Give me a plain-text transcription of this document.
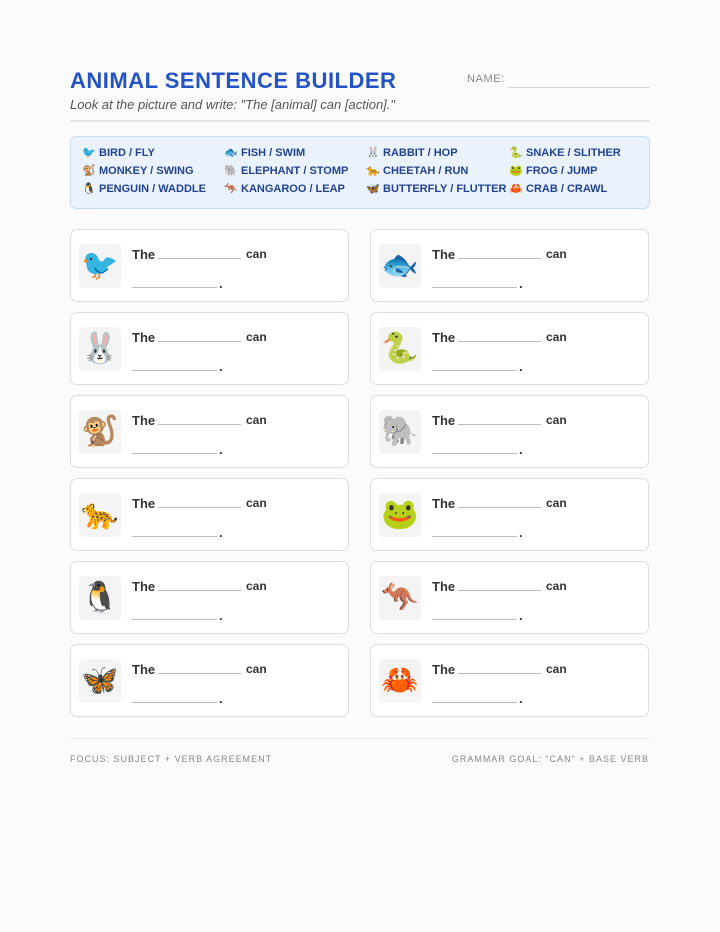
ANIMAL SENTENCE BUILDER
Look at the picture and write: "The [animal] can [action]."
NAME:
🐦 BIRD / FLY	🐟 FISH / SWIM	🐰 RABBIT / HOP	🐍 SNAKE / SLITHER
🐒 MONKEY / SWING	🐘 ELEPHANT / STOMP 🐆 CHEETAH / RUN	🐸 FROG / JUMP
🐧 PENGUIN / WADDLE 🦘 KANGAROO / LEAP 🦋 BUTTERFLY / FLUTTER 🦀 CRAB / CRAWL
🐦 The	can
.
🐟 The	can
.
🐰 The	can
.
🐍 The	can
.
🐒 The	can
.
🐘 The	can
.
🐆 The	can
.
🐸 The	can
.
🐧 The	can
.
🦘 The	can
.
🦋 The	can
.
🦀 The	can
.
FOCUS: SUBJECT + VERB AGREEMENT	GRAMMAR GOAL: "CAN" + BASE VERB
